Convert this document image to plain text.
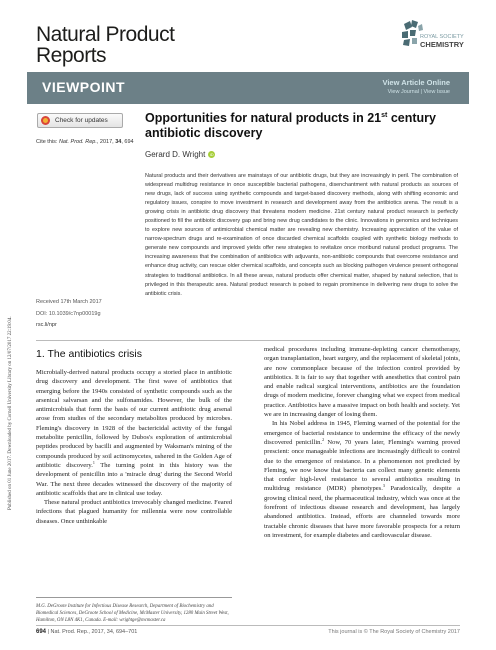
Natural Product
Reports
ROYAL SOCIETY
CHEMISTRY
VIEWPOINT	View Article Online
View Journal | View Issue
Check for updates
Cite this: Nat. Prod. Rep., 2017, 34, 694
Received 17th March 2017
DOI: 10.1039/c7np00019g
rsc.li/npr
Opportunities for natural products in 21st century
antibiotic discovery
Gerard D. Wright	iD
Natural products and their derivatives are mainstays of our antibiotic drugs, but they are increasingly in peril. The combination of widespread multidrug resistance in once susceptible bacterial pathogens, disenchantment with natural products as sources of new drugs, lack of success using synthetic compounds and target-based discovery methods, along with shifting economic and regulatory issues, conspire to move investment in research and development away from the antibiotics arena. The result is a growing crisis in antibiotic drug discovery that threatens modern medicine. 21st century natural product research is perfectly positioned to fill the antibiotic discovery gap and bring new drug candidates to the clinic. Innovations in genomics and techniques to explore new sources of antimicrobial chemical matter are revealing new chemistry. Increasing appreciation of the value of narrow-spectrum drugs and re-examination of once discarded chemical scaffolds coupled with synthetic biology methods to generate new compounds and improved yields offer new strategies to revitalize once moribund natural product programs. The increasing awareness that the combination of antibiotics with adjuvants, non-antibiotic compounds that overcome resistance and enhance drug activity, can rescue older chemical scaffolds, and concepts such as blocking pathogen virulence present orthogonal strategies to traditional antibiotics. In all these areas, natural products offer chemical matter, shaped by natural selection, that is privileged in this therapeutic area. Natural product research is poised to regain prominence in delivering new drugs to solve the antibiotic crisis.
1. The antibiotics crisis

Microbially-derived natural products occupy a storied place in antibiotic drug discovery and development. The first wave of antibiotics that emerging before the 1940s consisted of synthetic compounds such as the arsenical salvarsan and the sulfonamides. However, the bulk of the antimicrobials that form the basis of our current antibiotic drug arsenal arose from studies of the secondary metabolites produced by microbes. Fleming's discovery in 1928 of the bactericidal activity of the fungal metabolite penicillin, followed by Dubos's exploration of antimicrobial peptides produced by bacilli and augmented by Waksman's mining of the compounds produced by soil actinomycetes, ushered in the Golden Age of antibiotic discovery.$^1$ The turning point in this history was the development of penicillin into a 'miracle drug' during the Second World War. The next three decades witnessed the discovery of the majority of antibiotic scaffolds that are in clinical use today.

These natural product antibiotics irrevocably changed medicine. Feared infections that plagued humanity for millennia were now controllable diseases. Once unthinkable

medical procedures including immune-depleting cancer chemotherapy, organ transplantation, heart surgery, and the replacement of skeletal joints, are now commonplace because of the infection control provided by antibiotics. It is fair to say that together with anesthetics that control pain and enable radical surgical interventions, antibiotics are the foundation drugs of modern medicine, forever changing what we expect from medical practice. Antibiotics have a massive impact on both health and society. Yet we are in increasing danger of losing them.

In his Nobel address in 1945, Fleming warned of the potential for the emergence of bacterial resistance to undermine the efficacy of the newly discovered penicillin.$^2$ Now, 70 years later, Fleming's warning proved prescient: once manageable infections are increasingly difficult to control due to the emergence of resistance. In a phenomenon not predicted by Fleming, we now know that bacteria can collect many genetic elements that confer high-level resistance to several antibiotics resulting in multidrug resistance (MDR) phenotypes.$^3$ Paradoxically, despite a growing clinical need, the pharmaceutical industry, which was once at the forefront of infectious disease research and development, has largely abandoned antibiotics. Instead, efforts are channeled towards more tractable chronic diseases that have more favorable prospects for a return on investment, for example diabetes and cardiovascular disease.

M.G. DeGroote Institute for Infectious Disease Research, Department of Biochemistry and Biomedical Sciences, DeGroote School of Medicine, McMaster University, 1280 Main Street West, Hamilton, ON L8N 4K1, Canada. E-mail: wrightge@mcmaster.ca
694 | Nat. Prod. Rep., 2017, 34, 694–701	This journal is © The Royal Society of Chemistry 2017
Published on 01 June 2017. Downloaded by Cornell University Library on 12/07/2017 22:19:04.
